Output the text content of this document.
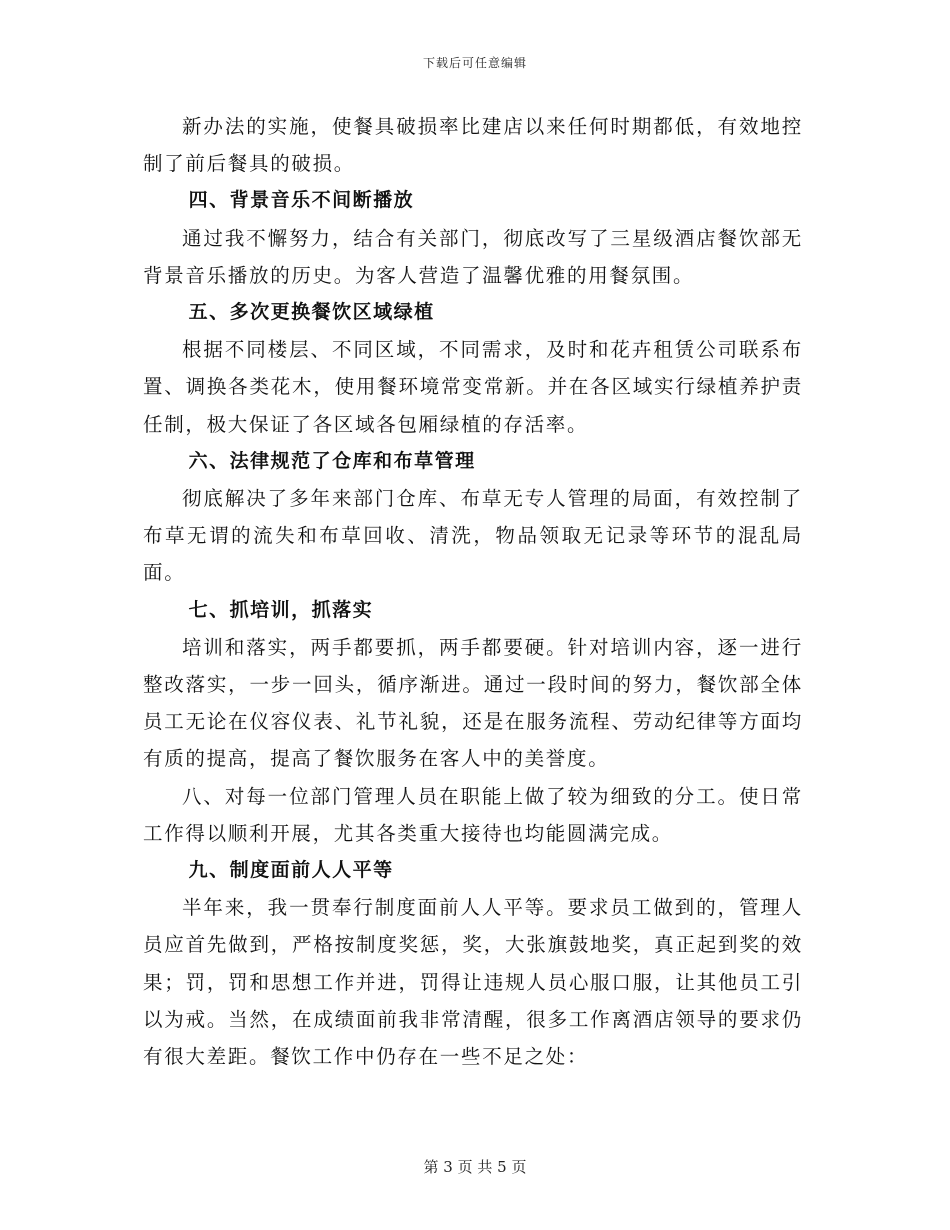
下载后可任意编辑

新办法的实施，使餐具破损率比建店以来任何时期都低，有效地控制了前后餐具的破损。

四、背景音乐不间断播放

通过我不懈努力，结合有关部门，彻底改写了三星级酒店餐饮部无背景音乐播放的历史。为客人营造了温馨优雅的用餐氛围。

五、多次更换餐饮区域绿植

根据不同楼层、不同区域，不同需求，及时和花卉租赁公司联系布置、调换各类花木，使用餐环境常变常新。并在各区域实行绿植养护责任制，极大保证了各区域各包厢绿植的存活率。

六、法律规范了仓库和布草管理

彻底解决了多年来部门仓库、布草无专人管理的局面，有效控制了布草无谓的流失和布草回收、清洗，物品领取无记录等环节的混乱局面。

七、抓培训，抓落实

培训和落实，两手都要抓，两手都要硬。针对培训内容，逐一进行整改落实，一步一回头，循序渐进。通过一段时间的努力，餐饮部全体员工无论在仪容仪表、礼节礼貌，还是在服务流程、劳动纪律等方面均有质的提高，提高了餐饮服务在客人中的美誉度。

八、对每一位部门管理人员在职能上做了较为细致的分工。使日常工作得以顺利开展，尤其各类重大接待也均能圆满完成。

九、制度面前人人平等

半年来，我一贯奉行制度面前人人平等。要求员工做到的，管理人员应首先做到，严格按制度奖惩，奖，大张旗鼓地奖，真正起到奖的效果；罚，罚和思想工作并进，罚得让违规人员心服口服，让其他员工引以为戒。当然，在成绩面前我非常清醒，很多工作离酒店领导的要求仍有很大差距。餐饮工作中仍存在一些不足之处：

第 3 页 共 5 页
